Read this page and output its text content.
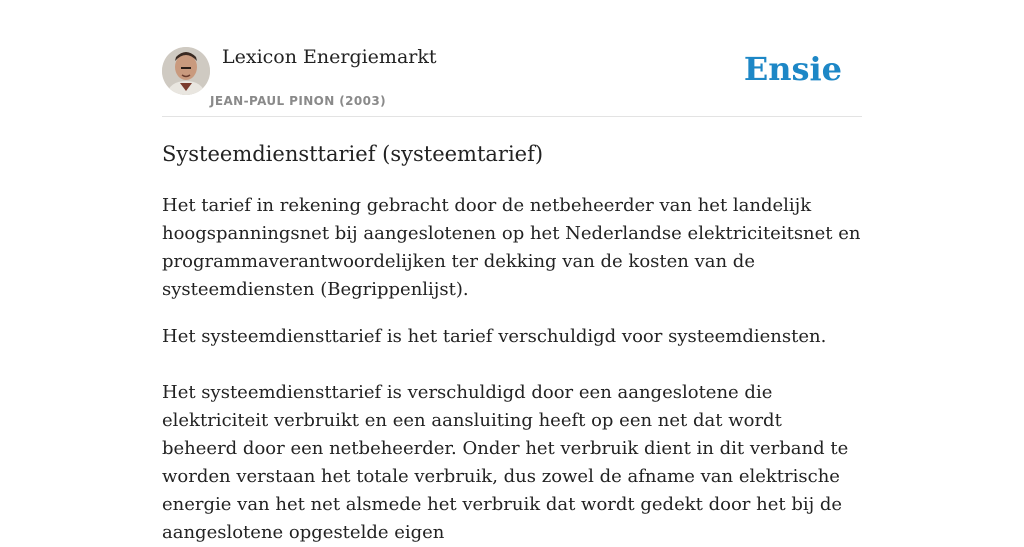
Lexicon Energiemarkt
JEAN-PAUL PINON (2003)
Ensie
Systeemdiensttarief (systeemtarief)

Het tarief in rekening gebracht door de netbeheerder van het landelijk hoogspanningsnet bij aangeslotenen op het Nederlandse elektriciteitsnet en programmaverantwoordelijken ter dekking van de kosten van de systeemdiensten (Begrippenlijst).

Het systeemdiensttarief is het tarief verschuldigd voor systeemdiensten.

Het systeemdiensttarief is verschuldigd door een aangeslotene die elektriciteit verbruikt en een aansluiting heeft op een net dat wordt beheerd door een netbeheerder. Onder het verbruik dient in dit verband te worden verstaan het totale verbruik, dus zowel de afname van elektrische energie van het net alsmede het verbruik dat wordt gedekt door het bij de aangeslotene opgestelde eigen
